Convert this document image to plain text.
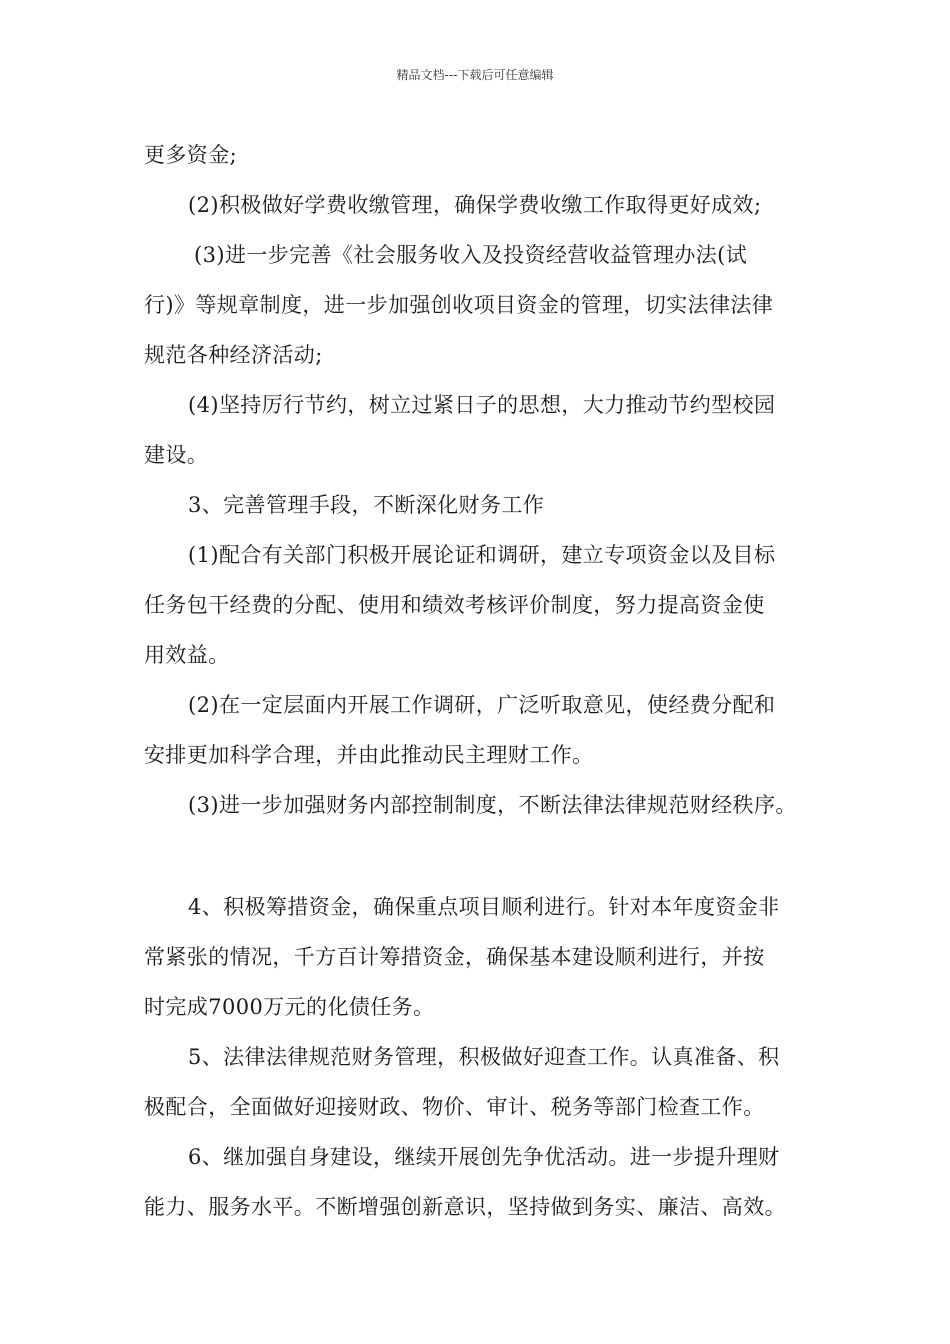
精品文档---下载后可任意编辑

更多资金;

(2)积极做好学费收缴管理，确保学费收缴工作取得更好成效;

(3)进一步完善《社会服务收入及投资经营收益管理办法(试
行)》等规章制度，进一步加强创收项目资金的管理，切实法律法律
规范各种经济活动;

(4)坚持厉行节约，树立过紧日子的思想，大力推动节约型校园
建设。

3、完善管理手段，不断深化财务工作

(1)配合有关部门积极开展论证和调研，建立专项资金以及目标
任务包干经费的分配、使用和绩效考核评价制度，努力提高资金使
用效益。

(2)在一定层面内开展工作调研，广泛听取意见，使经费分配和
安排更加科学合理，并由此推动民主理财工作。

(3)进一步加强财务内部控制制度，不断法律法律规范财经秩序。

4、积极筹措资金，确保重点项目顺利进行。针对本年度资金非
常紧张的情况，千方百计筹措资金，确保基本建设顺利进行，并按
时完成7000万元的化债任务。

5、法律法律规范财务管理，积极做好迎查工作。认真准备、积
极配合，全面做好迎接财政、物价、审计、税务等部门检查工作。

6、继加强自身建设，继续开展创先争优活动。进一步提升理财
能力、服务水平。不断增强创新意识，坚持做到务实、廉洁、高效。
